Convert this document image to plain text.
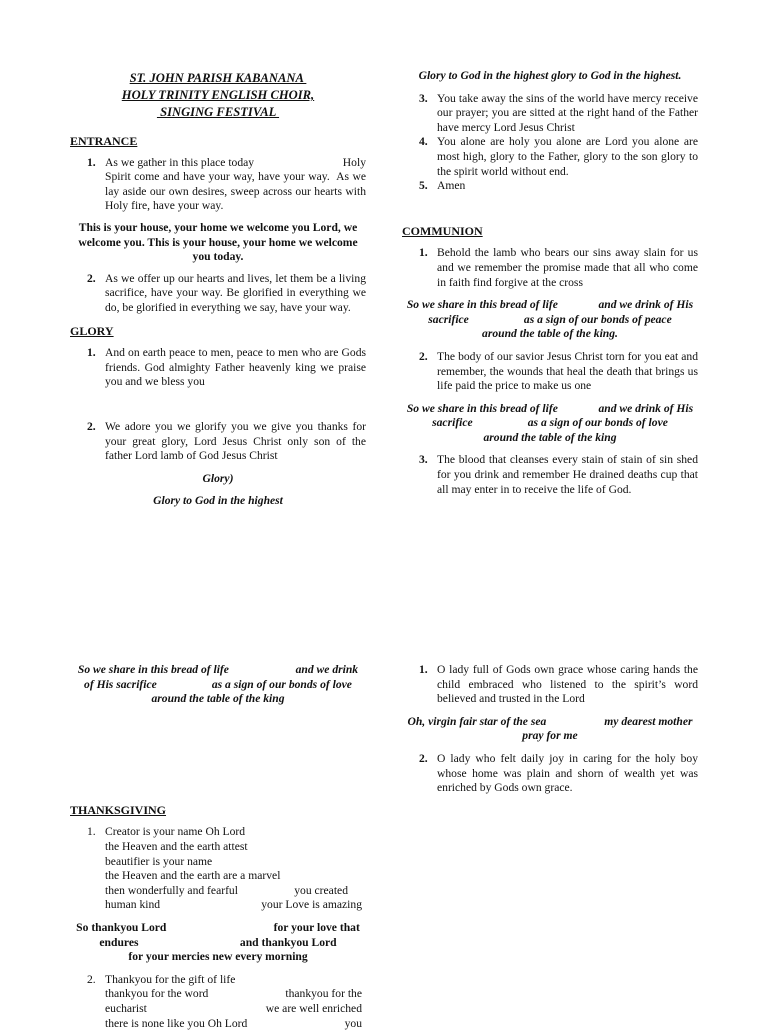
ST. JOHN PARISH KABANANA
HOLY TRINITY ENGLISH CHOIR,
SINGING FESTIVAL

ENTRANCE

1. As we gather in this place today                              Holy Spirit come and have your way, have your way.  As we lay aside our own desires, sweep across our hearts with Holy fire, have your way.

This is your house, your home we welcome you Lord, we welcome you. This is your house, your home we welcome you today.

2. As we offer up our hearts and lives, let them be a living sacrifice, have your way. Be glorified in everything we do, be glorified in everything we say, have your way.

GLORY

1. And on earth peace to men, peace to men who are Gods friends. God almighty Father heavenly king we praise you and we bless you
2. We adore you we glorify you we give you thanks for your great glory, Lord Jesus Christ only son of the father Lord lamb of God Jesus Christ

Glory)

Glory to God in the highest

Glory to God in the highest glory to God in the highest.

3. You take away the sins of the world have mercy receive our prayer; you are sitted at the right hand of the Father have mercy Lord Jesus Christ
4. You alone are holy you alone are Lord you alone are most high, glory to the Father, glory to the son glory to the spirit world without end.
5. Amen

COMMUNION

1. Behold the lamb who bears our sins away slain for us and we remember the promise made that all who come in faith find forgive at the cross

So we share in this bread of life              and we drink of His sacrifice                   as a sign of our bonds of peace
around the table of the king.

2. The body of our savior Jesus Christ torn for you eat and remember, the wounds that heal the death that brings us life paid the price to make us one

So we share in this bread of life              and we drink of His sacrifice                   as a sign of our bonds of love
around the table of the king

3. The blood that cleanses every stain of stain of sin shed for you drink and remember He drained deaths cup that all may enter in to receive the life of God.

So we share in this bread of life                       and we drink
of His sacrifice                   as a sign of our bonds of love
around the table of the king

THANKSGIVING

1. Creator is your name Oh Lord
the Heaven and the earth attest
beautifier is your name
the Heaven and the earth are a marvel
then wonderfully and fearful	you created
human kind	your Love is amazing

So thankyou Lord                                     for your love that
endures                                   and thankyou Lord
for your mercies new every morning

2. Thankyou for the gift of life
thankyou for the word	thankyou for the
eucharist	we are well enriched
there is none like you Oh Lord	you
1. O lady full of Gods own grace whose caring hands the child embraced who listened to the spirit’s word believed and trusted in the Lord

Oh, virgin fair star of the sea                    my dearest mother
pray for me

2. O lady who felt daily joy in caring for the holy boy whose home was plain and shorn of wealth yet was enriched by Gods own grace.
